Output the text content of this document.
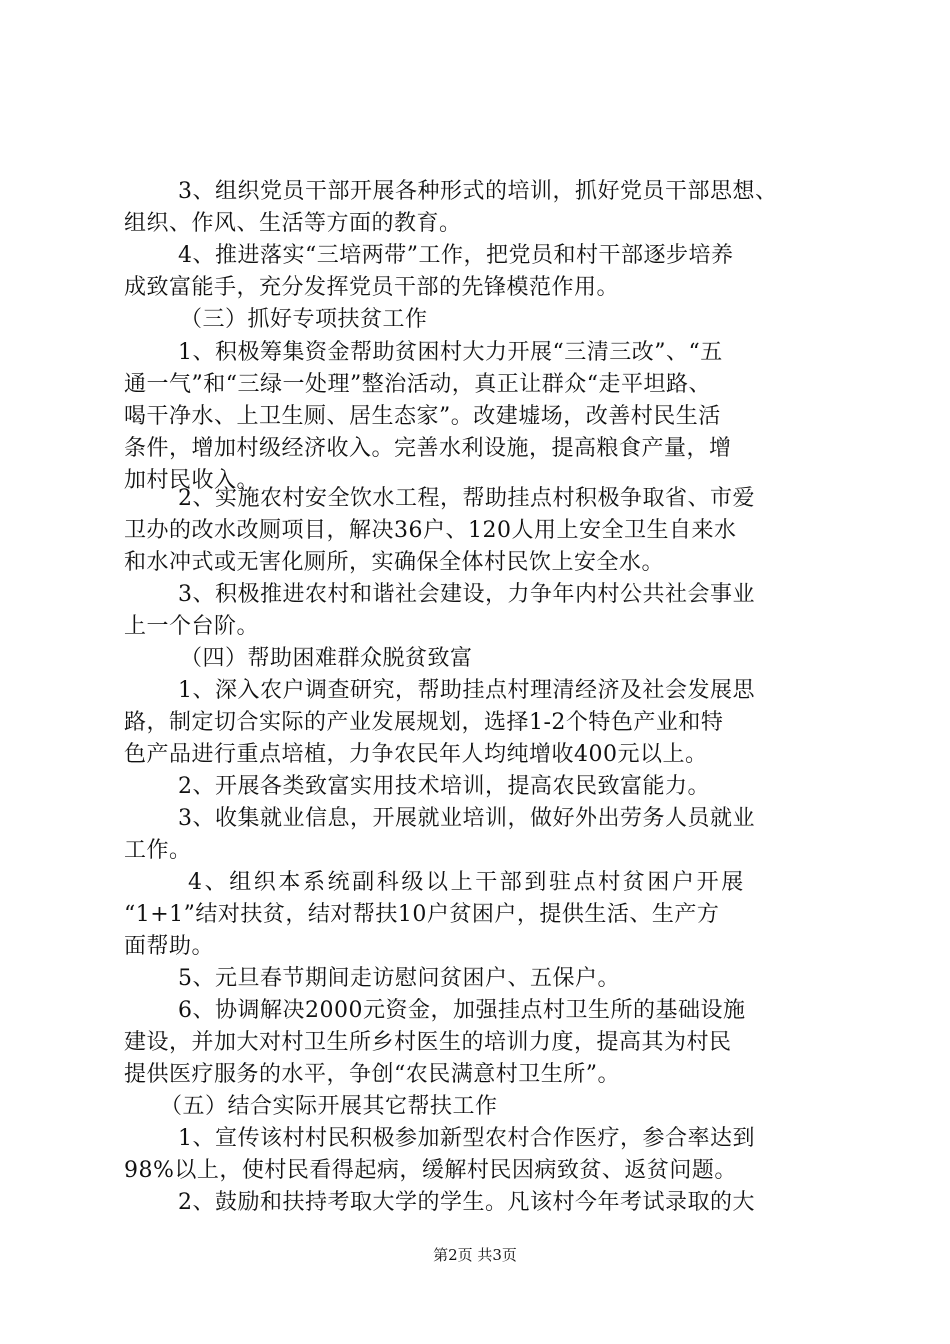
3、组织党员干部开展各种形式的培训，抓好党员干部思想、
组织、作风、生活等方面的教育。
4、推进落实“三培两带”工作，把党员和村干部逐步培养
成致富能手，充分发挥党员干部的先锋模范作用。
（三）抓好专项扶贫工作
1、积极筹集资金帮助贫困村大力开展“三清三改”、“五
通一气”和“三绿一处理”整治活动，真正让群众“走平坦路、
喝干净水、上卫生厕、居生态家”。改建墟场，改善村民生活
条件，增加村级经济收入。完善水利设施，提高粮食产量，增
加村民收入。
2、实施农村安全饮水工程，帮助挂点村积极争取省、市爱
卫办的改水改厕项目，解决36户、120人用上安全卫生自来水
和水冲式或无害化厕所，实确保全体村民饮上安全水。
3、积极推进农村和谐社会建设，力争年内村公共社会事业
上一个台阶。
（四）帮助困难群众脱贫致富
1、深入农户调查研究，帮助挂点村理清经济及社会发展思
路，制定切合实际的产业发展规划，选择1-2个特色产业和特
色产品进行重点培植，力争农民年人均纯增收400元以上。
2、开展各类致富实用技术培训，提高农民致富能力。
3、收集就业信息，开展就业培训，做好外出劳务人员就业
工作。
4、组织本系统副科级以上干部到驻点村贫困户开展
“1+1”结对扶贫，结对帮扶10户贫困户，提供生活、生产方
面帮助。
5、元旦春节期间走访慰问贫困户、五保户。
6、协调解决2000元资金，加强挂点村卫生所的基础设施
建设，并加大对村卫生所乡村医生的培训力度，提高其为村民
提供医疗服务的水平，争创“农民满意村卫生所”。
（五）结合实际开展其它帮扶工作
1、宣传该村村民积极参加新型农村合作医疗，参合率达到
98%以上，使村民看得起病，缓解村民因病致贫、返贫问题。
2、鼓励和扶持考取大学的学生。凡该村今年考试录取的大
第2页 共3页
